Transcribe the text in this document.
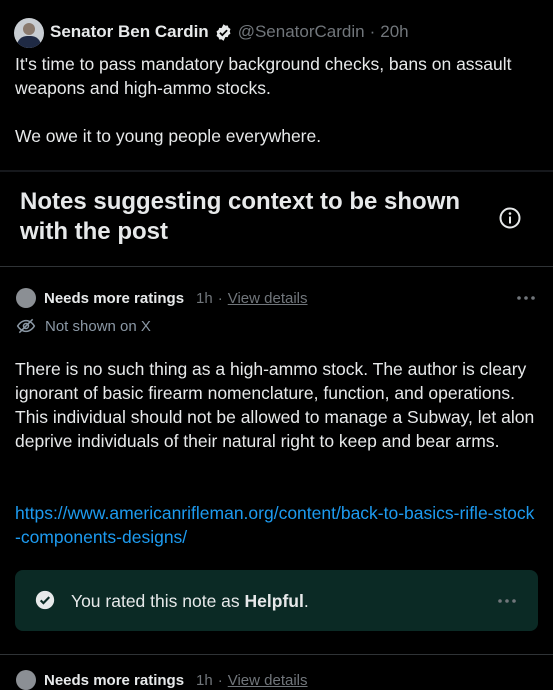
Senator Ben Cardin @SenatorCardin · 20h

It's time to pass mandatory background checks, bans on assault weapons and high-ammo stocks.

We owe it to young people everywhere.

Notes suggesting context to be shown with the post
Needs more ratings 1h · View details
Not shown on X
There is no such thing as a high-ammo stock. The author is cleary ignorant of basic firearm nomenclature, function, and operations. This individual should not be allowed to manage a Subway, let alon deprive individuals of their natural right to keep and bear arms.
https://www.americanrifleman.org/content/back-to-basics-rifle-stock-components-designs/
You rated this note as Helpful.
Needs more ratings 1h · View details
